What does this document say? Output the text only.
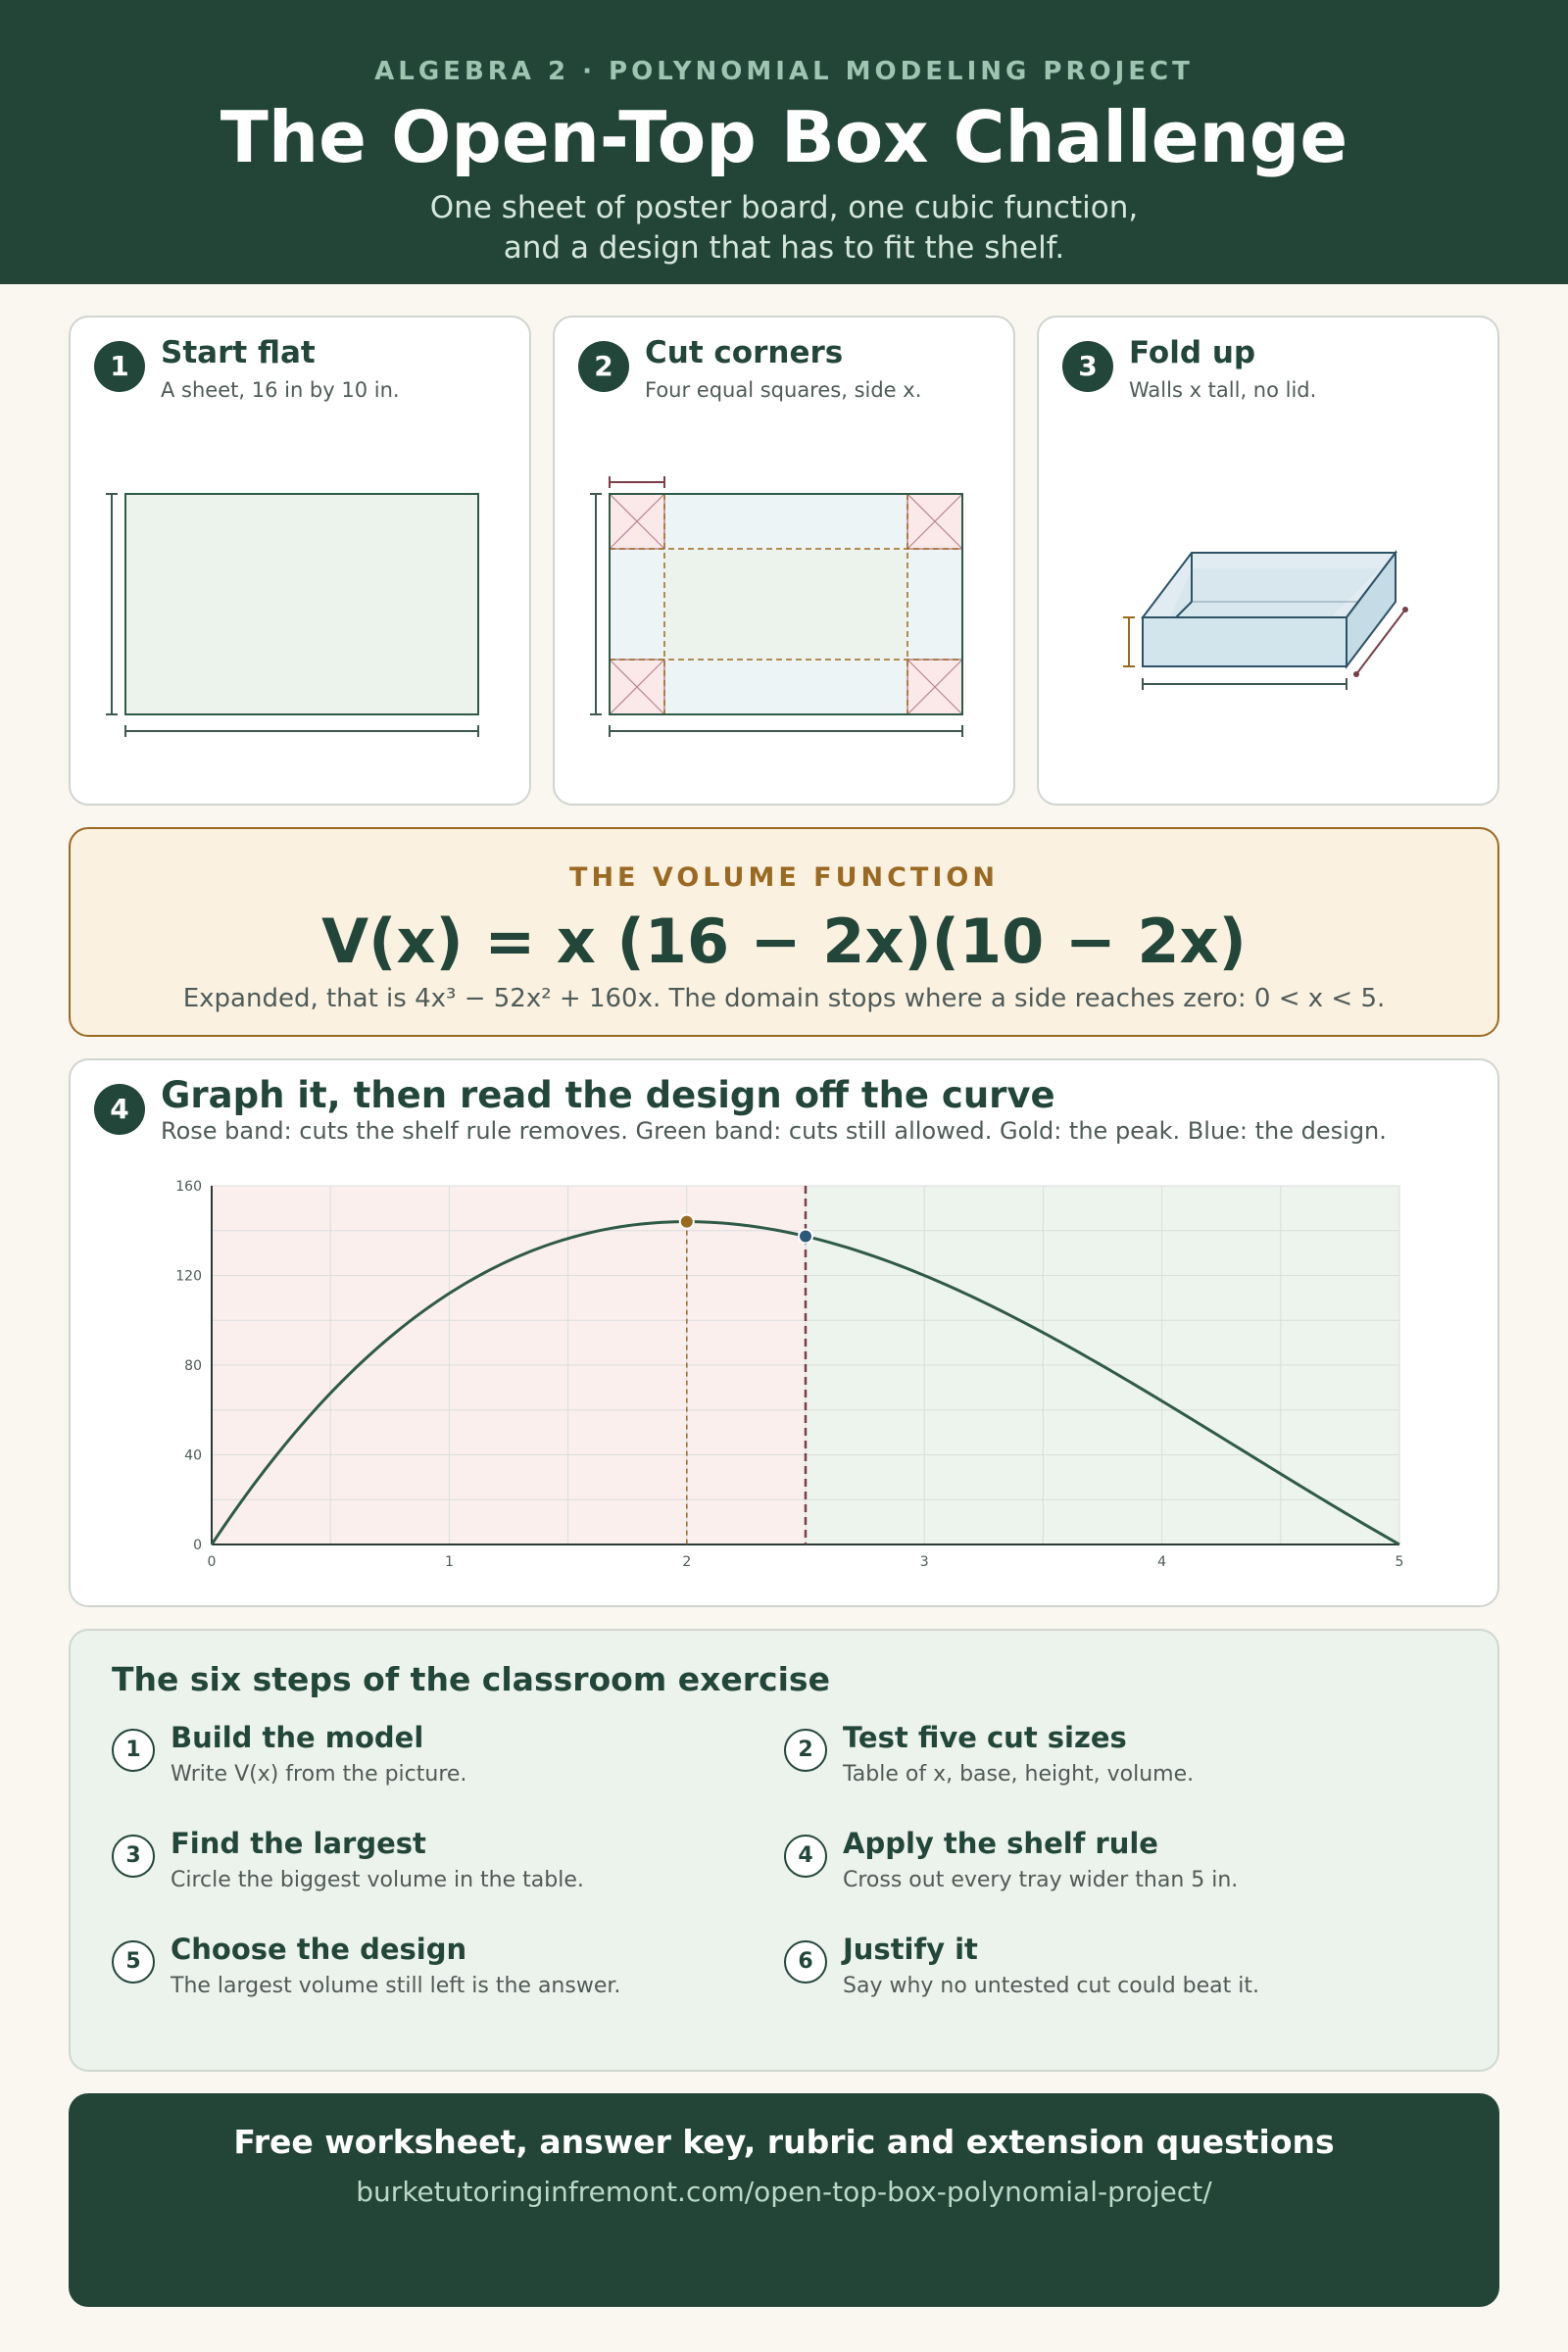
ALGEBRA 2 · POLYNOMIAL MODELING PROJECT
The Open-Top Box Challenge
One sheet of poster board, one cubic function,
and a design that has to fit the shelf.
1	Start flat
A sheet, 16 in by 10 in.
2	Cut corners
Four equal squares, side x.
3	Fold up
Walls x tall, no lid.
THE VOLUME FUNCTION
V(x) = x (16 − 2x)(10 − 2x)
Expanded, that is 4x³ − 52x² + 160x. The domain stops where a side reaches zero: 0 < x < 5.
4 Graph it, then read the design off the curve
Rose band: cuts the shelf rule removes. Green band: cuts still allowed. Gold: the peak. Blue: the design.
0	1	2	3	4	5
0
40
80
120
160
The six steps of the classroom exercise
1	Build the model
Write V(x) from the picture.
2	Test five cut sizes
Table of x, base, height, volume.
3	Find the largest
Circle the biggest volume in the table.
4	Apply the shelf rule
Cross out every tray wider than 5 in.
5	Choose the design
The largest volume still left is the answer.
6	Justify it
Say why no untested cut could beat it.
Free worksheet, answer key, rubric and extension questions
burketutoringinfremont.com/open-top-box-polynomial-project/
